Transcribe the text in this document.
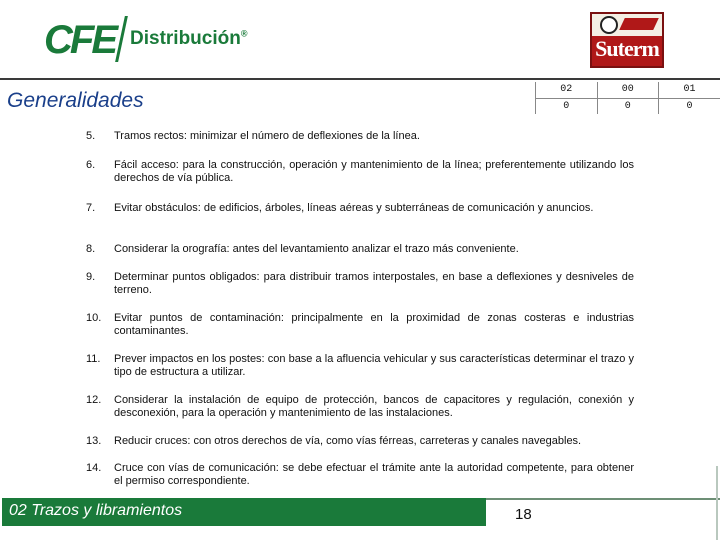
CFE Distribución®
Suterm
Generalidades	02	00	01
0	0	0
5.	Tramos rectos: minimizar el número de deflexiones de la línea.
6.	Fácil acceso: para la construcción, operación y mantenimiento de la línea; preferentemente utilizando los derechos de vía pública.
7.	Evitar obstáculos: de edificios, árboles, líneas aéreas y subterráneas de comunicación y anuncios.
8.	Considerar la orografía: antes del levantamiento analizar el trazo más conveniente.
9.	Determinar puntos obligados: para distribuir tramos interpostales, en base a deflexiones y desniveles de terreno.
10.	Evitar puntos de contaminación: principalmente en la proximidad de zonas costeras e industrias contaminantes.
11.	Prever impactos en los postes: con base a la afluencia vehicular y sus características determinar el trazo y tipo de estructura a utilizar.
12.	Considerar la instalación de equipo de protección, bancos de capacitores y regulación, conexión y desconexión, para la operación y mantenimiento de las instalaciones.
13.	Reducir cruces: con otros derechos de vía, como vías férreas, carreteras y canales navegables.
14.	Cruce con vías de comunicación: se debe efectuar el trámite ante la autoridad competente, para obtener el permiso correspondiente.
02 Trazos y libramientos	18
